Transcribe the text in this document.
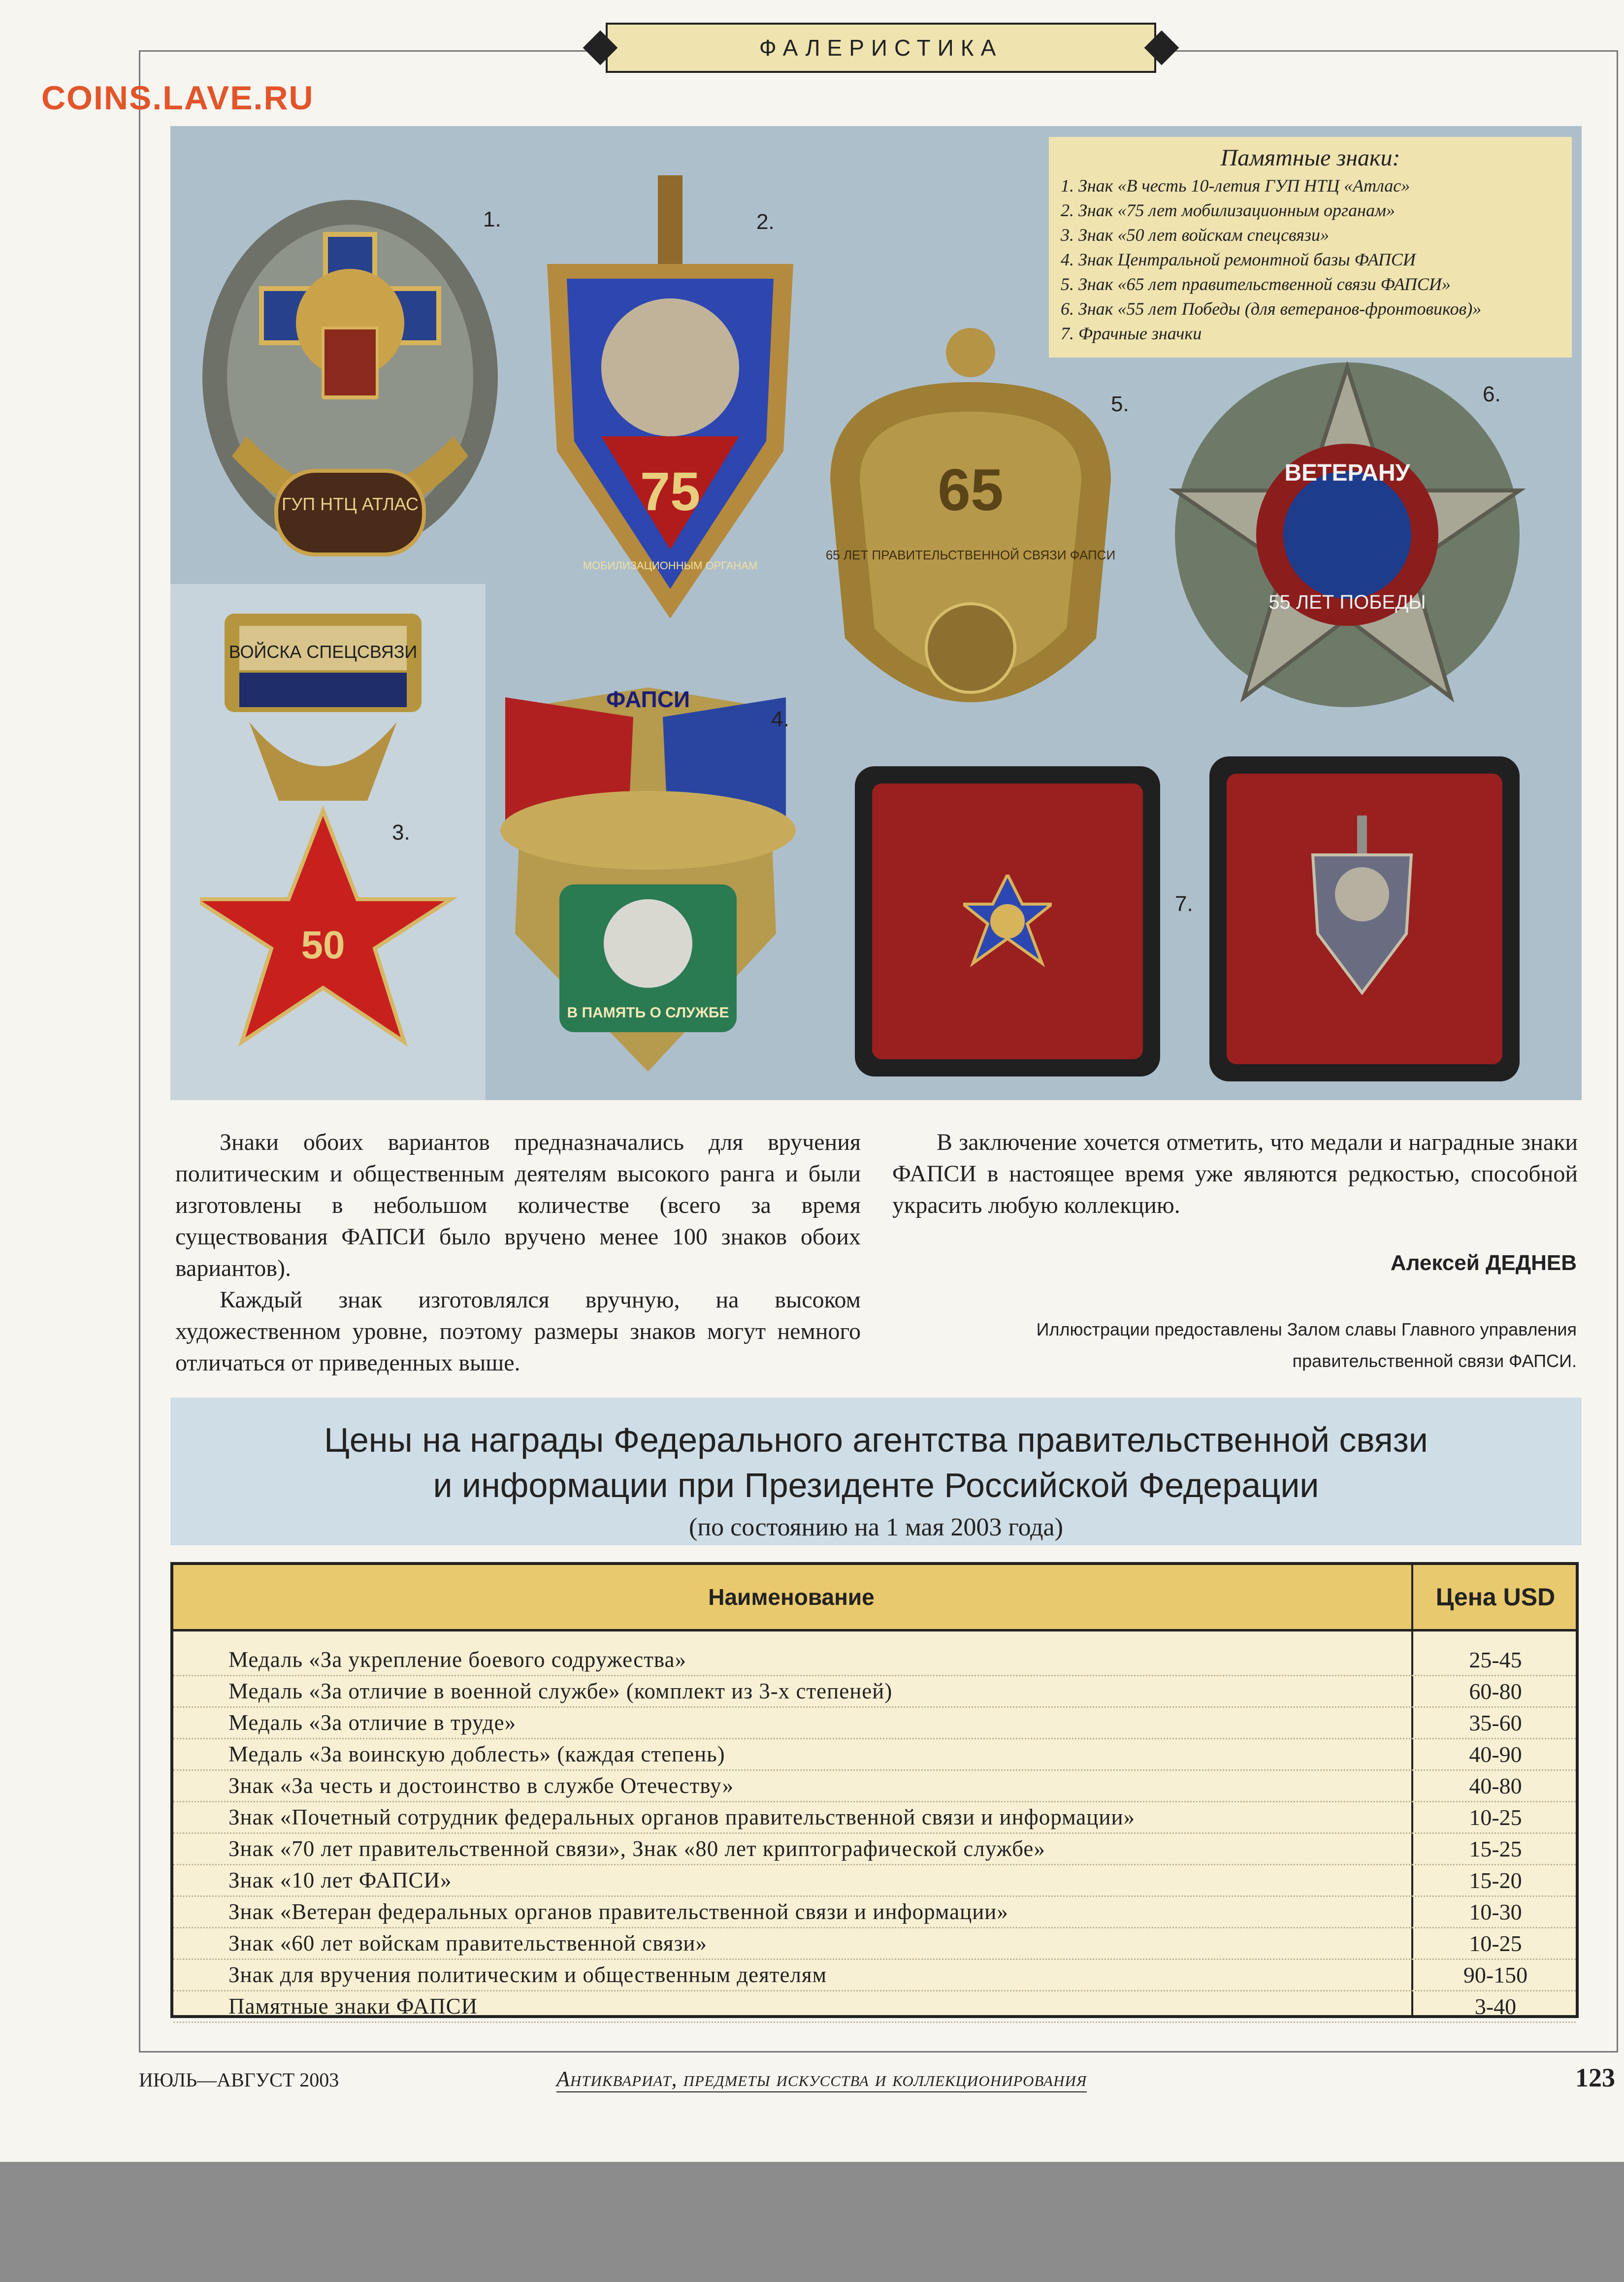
ФАЛЕРИСТИКА
COINS.LAVE.RU
ГУП НТЦ АТЛАС	75
МОБИЛИЗАЦИОННЫМ ОРГАНАМ
65
65 ЛЕТ ПРАВИТЕЛЬСТВЕННОЙ СВЯЗИ ФАПСИ
ВЕТЕРАНУ
55 ЛЕТ ПОБЕДЫ
ВОЙСКА СПЕЦСВЯЗИ
50
ФАПСИ
В ПАМЯТЬ О СЛУЖБЕ
1.	2.
3.
4.
5.	6.
7.
Памятные знаки:
1. Знак «В честь 10-летия ГУП НТЦ «Атлас»
2. Знак «75 лет мобилизационным органам»
3. Знак «50 лет войскам спецсвязи»
4. Знак Центральной ремонтной базы ФАПСИ
5. Знак «65 лет правительственной связи ФАПСИ»
6. Знак «55 лет Победы (для ветеранов-фронтовиков)»
7. Фрачные значки

Знаки обоих вариантов предназначались для вручения политическим и общественным деятелям высокого ранга и были изготовлены в небольшом количестве (всего за время существования ФАПСИ было вручено менее 100 знаков обоих вариантов).

Каждый знак изготовлялся вручную, на высоком художественном уровне, поэтому размеры знаков могут немного отличаться от приведенных выше.

В заключение хочется отметить, что медали и наградные знаки ФАПСИ в настоящее время уже являются редкостью, способной украсить любую коллекцию.

Алексей ДЕДНЕВ
Иллюстрации предоставлены Залом славы Главного управления правительственной связи ФАПСИ.
Цены на награды Федерального агентства правительственной связи
и информации при Президенте Российской Федерации
(по состоянию на 1 мая 2003 года)
Наименование	Цена USD
Медаль «За укрепление боевого содружества»	25-45
Медаль «За отличие в военной службе» (комплект из 3-х степеней)	60-80
Медаль «За отличие в труде»	35-60
Медаль «За воинскую доблесть» (каждая степень)	40-90
Знак «За честь и достоинство в службе Отечеству»	40-80
Знак «Почетный сотрудник федеральных органов правительственной связи и информации»	10-25
Знак «70 лет правительственной связи», Знак «80 лет криптографической службе»	15-25
Знак «10 лет ФАПСИ»	15-20
Знак «Ветеран федеральных органов правительственной связи и информации»	10-30
Знак «60 лет войскам правительственной связи»	10-25
Знак для вручения политическим и общественным деятелям	90-150
Памятные знаки ФАПСИ	3-40
ИЮЛЬ—АВГУСТ 2003	Антиквариат, предметы искусства и коллекционирования	123
